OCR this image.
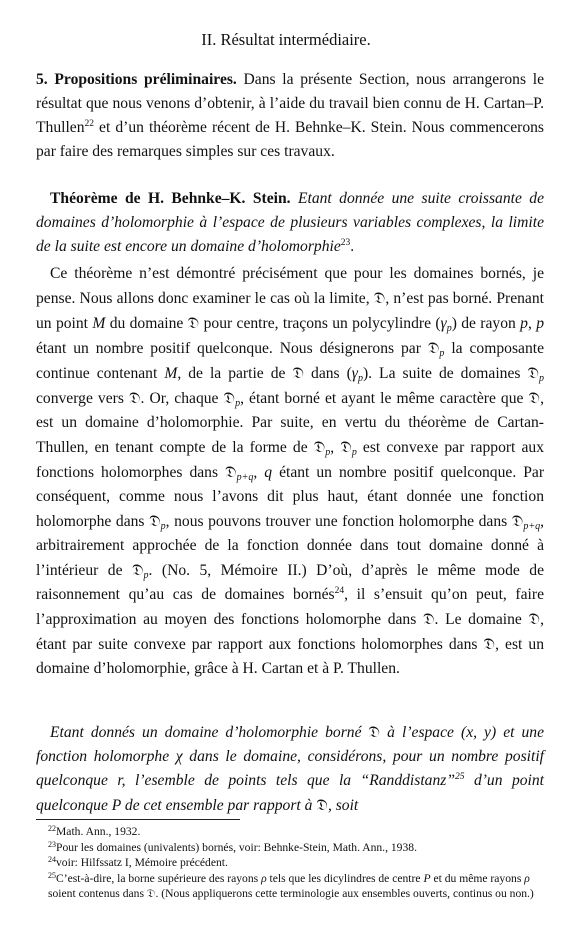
II. Résultat intermédiaire.
5. Propositions préliminaires. Dans la présente Section, nous arrangerons le résultat que nous venons d’obtenir, à l’aide du travail bien connu de H. Cartan–P. Thullen$^{22}$ et d’un théorème récent de H. Behnke–K. Stein. Nous commencerons par faire des remarques simples sur ces travaux.
Théorème de H. Behnke–K. Stein. Etant donnée une suite croissante de domaines d’holomorphie à l’espace de plusieurs variables complexes, la limite de la suite est encore un domaine d’holomorphie$^{23}$.
Ce théorème n’est démontré précisément que pour les domaines bornés, je pense. Nous allons donc examiner le cas où la limite, 𝔇, n’est pas borné. Prenant un point M du domaine 𝔇 pour centre, traçons un polycylindre $(\gamma_p)$ de rayon p, p étant un nombre positif quelconque. Nous désignerons par 𝔇$_p$ la composante continue contenant M, de la partie de 𝔇 dans $(\gamma_p)$. La suite de domaines 𝔇$_p$ converge vers 𝔇. Or, chaque 𝔇$_p$, étant borné et ayant le même caractère que 𝔇, est un domaine d’holomorphie. Par suite, en vertu du théorème de Cartan-Thullen, en tenant compte de la forme de 𝔇$_p$, 𝔇$_p$ est convexe par rapport aux fonctions holomorphes dans 𝔇$_{p+q}$, q étant un nombre positif quelconque. Par conséquent, comme nous l’avons dit plus haut, étant donnée une fonction holomorphe dans 𝔇$_p$, nous pouvons trouver une fonction holomorphe dans 𝔇$_{p+q}$, arbitrairement approchée de la fonction donnée dans tout domaine donné à l’intérieur de 𝔇$_p$. (No. 5, Mémoire II.) D’où, d’après le même mode de raisonnement qu’au cas de domaines bornés$^{24}$, il s’ensuit qu’on peut, faire l’approximation au moyen des fonctions holomorphe dans 𝔇. Le domaine 𝔇, étant par suite convexe par rapport aux fonctions holomorphes dans 𝔇, est un domaine d’holomorphie, grâce à H. Cartan et à P. Thullen.
Etant donnés un domaine d’holomorphie borné 𝔇 à l’espace (x, y) et une fonction holomorphe χ dans le domaine, considérons, pour un nombre positif quelconque r, l’esemble de points tels que la “Randdistanz”$^{25}$ d’un point quelconque P de cet ensemble par rapport à 𝔇, soit

$^{22}$Math. Ann., 1932.

$^{23}$Pour les domaines (univalents) bornés, voir: Behnke-Stein, Math. Ann., 1938.

$^{24}$voir: Hilfssatz I, Mémoire précédent.

$^{25}$C’est-à-dire, la borne supérieure des rayons ρ tels que les dicylindres de centre P et du même rayons ρ soient contenus dans 𝔇. (Nous appliquerons cette terminologie aux ensembles ouverts, continus ou non.)
